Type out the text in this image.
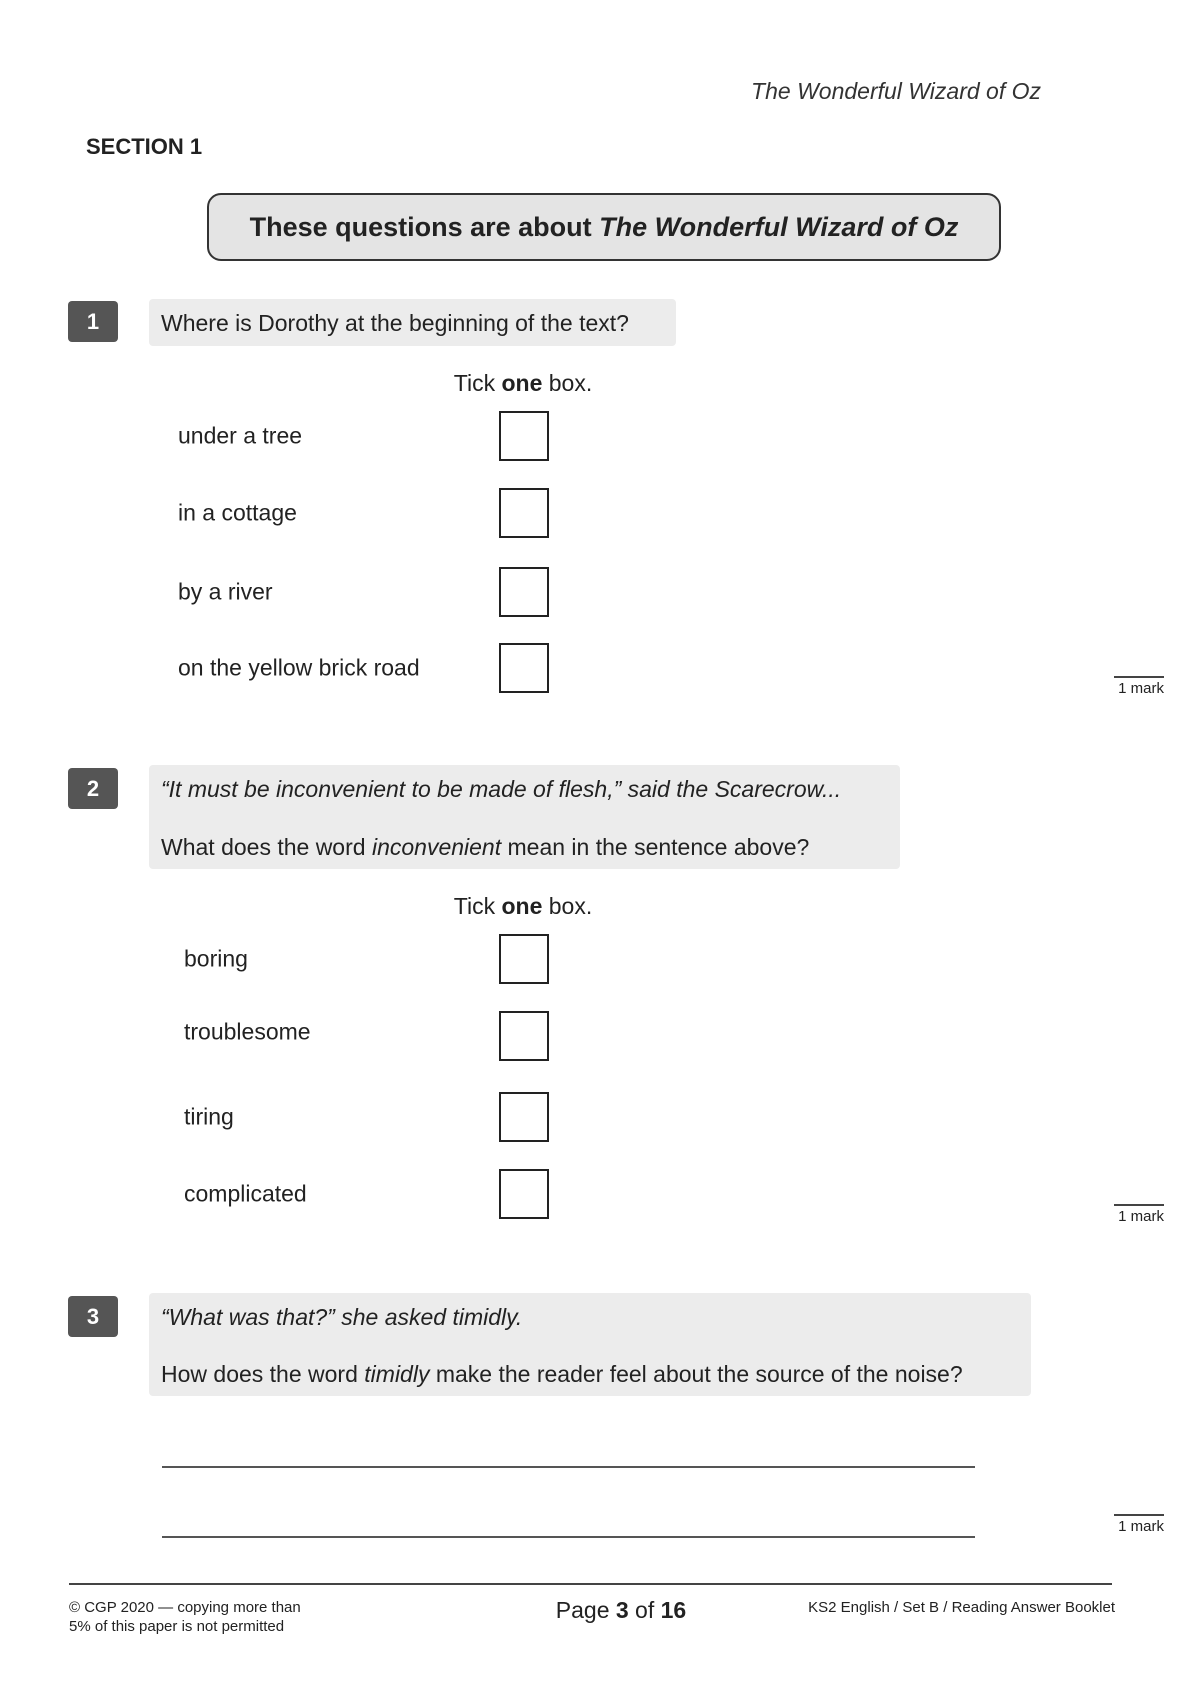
The Wonderful Wizard of Oz
SECTION 1
These questions are about The Wonderful Wizard of Oz
1	Where is Dorothy at the beginning of the text?
Tick one box.
under a tree
in a cottage
by a river
on the yellow brick road
1 mark
2	“It must be inconvenient to be made of flesh,” said the Scarecrow...
What does the word inconvenient mean in the sentence above?
Tick one box.
boring
troublesome
tiring
complicated
1 mark
3	“What was that?” she asked timidly.
How does the word timidly make the reader feel about the source of the noise?
1 mark
© CGP 2020 — copying more than
5% of this paper is not permitted
Page 3 of 16	KS2 English / Set B / Reading Answer Booklet
